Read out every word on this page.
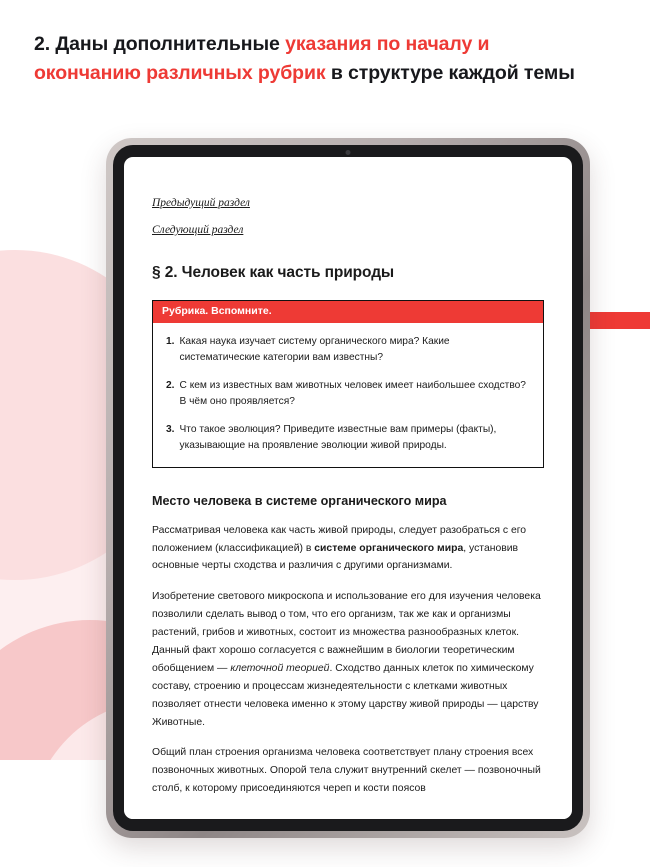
2. Даны дополнительные указания по началу и окончанию различных рубрик в структуре каждой темы
Предыдущий раздел
Следующий раздел
§ 2. Человек как часть природы
Рубрика. Вспомните.
1. Какая наука изучает систему органического мира? Какие систематические категории вам известны?
2. С кем из известных вам животных человек имеет наибольшее сходство? В чём оно проявляется?
3. Что такое эволюция? Приведите известные вам примеры (факты), указывающие на проявление эволюции живой природы.
Место человека в системе органического мира

Рассматривая человека как часть живой природы, следует разобраться с его положением (классификацией) в системе органического мира, установив основные черты сходства и различия с другими организмами.

Изобретение светового микроскопа и использование его для изучения человека позволили сделать вывод о том, что его организм, так же как и организмы растений, грибов и животных, состоит из множества разнообразных клеток. Данный факт хорошо согласуется с важнейшим в биологии теоретическим обобщением — клеточной теорией. Сходство данных клеток по химическому составу, строению и процессам жизнедеятельности с клетками животных позволяет отнести человека именно к этому царству живой природы — царству Животные.

Общий план строения организма человека соответствует плану строения всех позвоночных животных. Опорой тела служит внутренний скелет — позвоночный столб, к которому присоединяются череп и кости поясов
